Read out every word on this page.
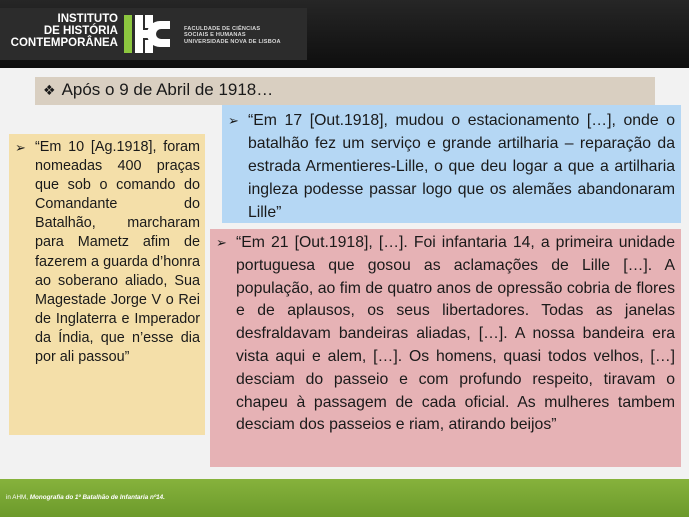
INSTITUTO
DE HISTÓRIA
CONTEMPORÂNEA
FACULDADE DE CIÊNCIAS
SOCIAIS E HUMANAS
UNIVERSIDADE NOVA DE LISBOA
❖ Após o 9 de Abril de 1918…
➢ “Em 10 [Ag.1918], foram nomeadas 400 praças que sob o comando do Comandante do Batalhão, marcharam para Mametz afim de fazerem a guarda d’honra ao soberano aliado, Sua Magestade Jorge V o Rei de Inglaterra e Imperador da Índia, que n’esse dia por ali passou”
➢ “Em 17 [Out.1918], mudou o estacionamento […], onde o batalhão fez um serviço e grande artilharia – reparação da estrada Armentieres-Lille, o que deu logar a que a artilharia ingleza podesse passar logo que os alemães abandonaram Lille”
➢ “Em 21 [Out.1918], […]. Foi infantaria 14, a primeira unidade portuguesa que gosou as aclamações de Lille […]. A população, ao fim de quatro anos de opressão cobria de flores e de aplausos, os seus libertadores. Todas as janelas desfraldavam bandeiras aliadas, […]. A nossa bandeira era vista aqui e alem, […]. Os homens, quasi todos velhos, […] desciam do passeio e com profundo respeito, tiravam o chapeu à passagem de cada oficial. As mulheres tambem desciam dos passeios e riam, atirando beijos”
in AHM, Monografia do 1º Batalhão de Infantaria nº14.
